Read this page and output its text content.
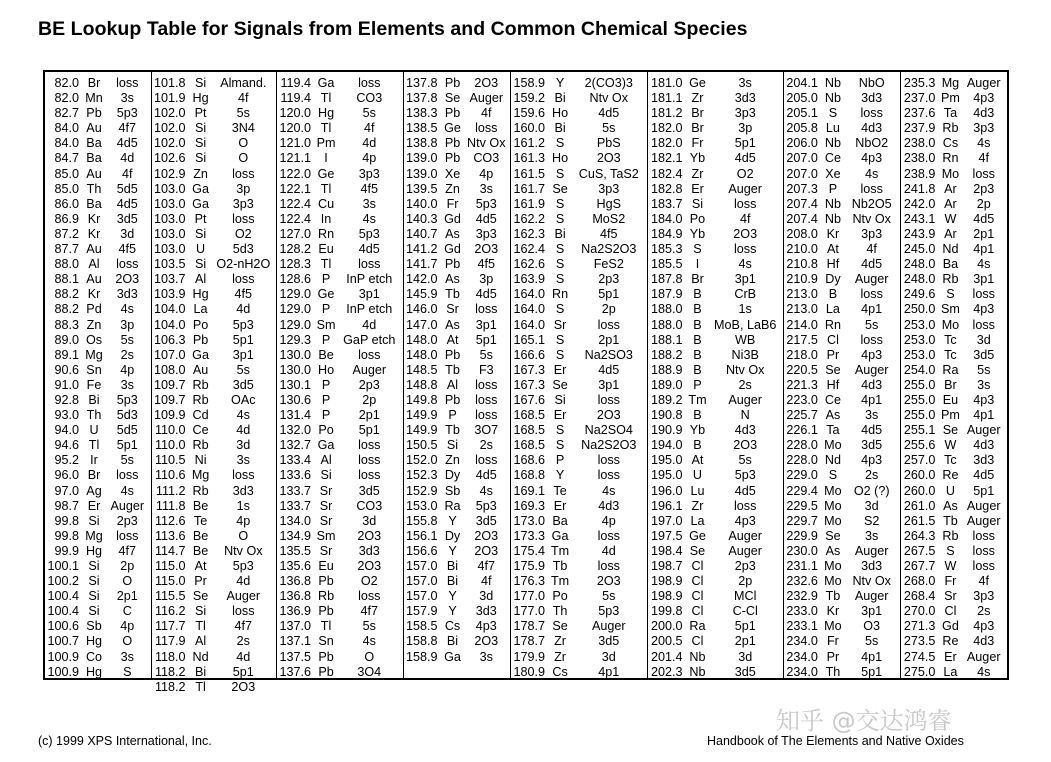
BE Lookup Table for Signals from Elements and Common Chemical Species
82.0 Br	loss
82.0 Mn	3s
82.7 Pb	5p3
84.0 Au	4f7
84.0 Ba	4d5
84.7 Ba	4d
85.0 Au	4f
85.0 Th	5d5
86.0 Ba	4d5
86.9 Kr	3d5
87.2 Kr	3d
87.7 Au	4f5
88.0 Al	loss
88.1 Au	2O3
88.2 Kr	3d3
88.2 Pd	4s
88.3 Zn	3p
89.0 Os	5s
89.1 Mg	2s
90.6 Sn	4p
91.0 Fe	3s
92.8 Bi	5p3
93.0 Th	5d3
94.0 U	5d5
94.6 Tl	5p1
95.2 Ir	5s
96.0 Br	loss
97.0 Ag	4s
98.7 Er Auger
99.8 Si	2p3
99.8 Mg	loss
99.9 Hg	4f7
100.1 Si	2p
100.2 Si	O
100.4 Si	2p1
100.4 Si	C
100.6 Sb	4p
100.7 Hg	O
100.9 Co	3s
100.9 Hg	S
101.8 Si	Almand.
101.9 Hg	4f
102.0 Pt	5s
102.0 Si	3N4
102.0 Si	O
102.6 Si	O
102.9 Zn	loss
103.0 Ga	3p
103.0 Ga	3p3
103.0 Pt	loss
103.0 Si	O2
103.0 U	5d3
103.5 Si O2-nH2O
103.7 Al	loss
103.9 Hg	4f5
104.0 La	4d
104.0 Po	5p3
106.3 Pb	5p1
107.0 Ga	3p1
108.0 Au	5s
109.7 Rb	3d5
109.7 Rb	OAc
109.9 Cd	4s
110.0 Ce	4d
110.0 Rb	3d
110.5 Ni	3s
110.6 Mg	loss
111.2 Rb	3d3
111.8 Be	1s
112.6 Te	4p
113.6 Be	O
114.7 Be	Ntv Ox
115.0 At	5p3
115.0 Pr	4d
115.5 Se	Auger
116.2 Si	loss
117.7 Tl	4f7
117.9 Al	2s
118.0 Nd	4d
118.2 Bi	5p1
118.2 Tl	2O3
119.4 Ga	loss
119.4 Tl	CO3
120.0 Hg	5s
120.0 Tl	4f
121.0 Pm	4d
121.1	I	4p
122.0 Ge	3p3
122.1 Tl	4f5
122.4 Cu	3s
122.4 In	4s
127.0 Rn	5p3
128.2 Eu	4d5
128.3 Tl	loss
128.6 P	InP etch
129.0 Ge	3p1
129.0 P	InP etch
129.0 Sm	4d
129.3 P	GaP etch
130.0 Be	loss
130.0 Ho	Auger
130.1 P	2p3
130.6 P	2p
131.4 P	2p1
132.0 Po	5p1
132.7 Ga	loss
133.4 Al	loss
133.6 Si	loss
133.7 Sr	3d5
133.7 Sr	CO3
134.0 Sr	3d
134.9 Sm	2O3
135.5 Sr	3d3
135.6 Eu	2O3
136.8 Pb	O2
136.8 Rb	loss
136.9 Pb	4f7
137.0 Tl	5s
137.1 Sn	4s
137.5 Pb	O
137.6 Pb	3O4
137.8 Pb	2O3
137.8 Se Auger
138.3 Pb	4f
138.5 Ge	loss
138.8 Pb Ntv Ox
139.0 Pb	CO3
139.0 Xe	4p
139.5 Zn	3s
140.0 Fr	5p3
140.3 Gd	4d5
140.7 As	3p3
141.2 Gd	2O3
141.7 Pb	4f5
142.0 As	3p
145.9 Tb	4d5
146.0 Sr	loss
147.0 As	3p1
148.0 At	5p1
148.0 Pb	5s
148.5 Tb	F3
148.8 Al	loss
149.8 Pb	loss
149.9 P	loss
149.9 Tb	3O7
150.5 Si	2s
152.0 Zn	loss
152.3 Dy	4d5
152.9 Sb	4s
153.0 Ra	5p3
155.8 Y	3d5
156.1 Dy	2O3
156.6 Y	2O3
157.0 Bi	4f7
157.0 Bi	4f
157.0 Y	3d
157.9 Y	3d3
158.5 Cs	4p3
158.8 Bi	2O3
158.9 Ga	3s
158.9 Y	2(CO3)3
159.2 Bi	Ntv Ox
159.6 Ho	4d5
160.0 Bi	5s
161.2 S	PbS
161.3 Ho	2O3
161.5 S	CuS, TaS2
161.7 Se	3p3
161.9 S	HgS
162.2 S	MoS2
162.3 Bi	4f5
162.4 S	Na2S2O3
162.6 S	FeS2
163.9 S	2p3
164.0 Rn	5p1
164.0 S	2p
164.0 Sr	loss
165.1 S	2p1
166.6 S	Na2SO3
167.3 Er	4d5
167.3 Se	3p1
167.6 Si	loss
168.5 Er	2O3
168.5 S	Na2SO4
168.5 S	Na2S2O3
168.6 P	loss
168.8 Y	loss
169.1 Te	4s
169.3 Er	4d3
173.0 Ba	4p
173.3 Ga	loss
175.4 Tm	4d
175.9 Tb	loss
176.3 Tm	2O3
177.0 Po	5s
177.0 Th	5p3
178.7 Se	Auger
178.7 Zr	3d5
179.9 Zr	3d
180.9 Cs	4p1
181.0 Ge	3s
181.1 Zr	3d3
181.2 Br	3p3
182.0 Br	3p
182.0 Fr	5p1
182.1 Yb	4d5
182.4 Zr	O2
182.8 Er	Auger
183.7 Si	loss
184.0 Po	4f
184.9 Yb	2O3
185.3 S	loss
185.5	I	4s
187.8 Br	3p1
187.9 B	CrB
188.0 B	1s
188.0 B MoB, LaB6
188.1 B	WB
188.2 B	Ni3B
188.9 B	Ntv Ox
189.0 P	2s
189.2 Tm	Auger
190.8 B	N
190.9 Yb	4d3
194.0 B	2O3
195.0 At	5s
195.0 U	5p3
196.0 Lu	4d5
196.1 Zr	loss
197.0 La	4p3
197.5 Ge	Auger
198.4 Se	Auger
198.7 Cl	2p3
198.9 Cl	2p
198.9 Cl	MCl
199.8 Cl	C-Cl
200.0 Ra	5p1
200.5 Cl	2p1
201.4 Nb	3d
202.3 Nb	3d5
204.1 Nb	NbO
205.0 Nb	3d3
205.1 S	loss
205.8 Lu	4d3
206.0 Nb	NbO2
207.0 Ce	4p3
207.0 Xe	4s
207.3 P	loss
207.4 Nb Nb2O5
207.4 Nb Ntv Ox
208.0 Kr	3p3
210.0 At	4f
210.8 Hf	4d5
210.9 Dy	Auger
213.0 B	loss
213.0 La	4p1
214.0 Rn	5s
217.5 Cl	loss
218.0 Pr	4p3
220.5 Se	Auger
221.3 Hf	4d3
223.0 Ce	4p1
225.7 As	3s
226.1 Ta	4d5
228.0 Mo	3d5
228.0 Nd	4p3
229.0 S	2s
229.4 Mo O2 (?)
229.5 Mo	3d
229.7 Mo	S2
229.9 Se	3s
230.0 As	Auger
231.1 Mo	3d3
232.6 Mo Ntv Ox
232.9 Tb	Auger
233.0 Kr	3p1
233.1 Mo	O3
234.0 Fr	5s
234.0 Pr	4p1
234.0 Th	5p1
235.3 Mg Auger
237.0 Pm	4p3
237.6 Ta	4d3
237.9 Rb	3p3
238.0 Cs	4s
238.0 Rn	4f
238.9 Mo	loss
241.8 Ar	2p3
242.0 Ar	2p
243.1 W	4d5
243.9 Ar	2p1
245.0 Nd	4p1
248.0 Ba	4s
248.0 Rb	3p1
249.6 S	loss
250.0 Sm	4p3
253.0 Mo	loss
253.0 Tc	3d
253.0 Tc	3d5
254.0 Ra	5s
255.0 Br	3s
255.0 Eu	4p3
255.0 Pm	4p1
255.1 Se Auger
255.6 W	4d3
257.0 Tc	3d3
260.0 Re	4d5
260.0 U	5p1
261.0 As Auger
261.5 Tb Auger
264.3 Rb	loss
267.5 S	loss
267.7 W	loss
268.0 Fr	4f
268.4 Sr	3p3
270.0 Cl	2s
271.3 Gd	4p3
273.5 Re	4d3
274.5 Er Auger
275.0 La	4s
知乎 @交达鸿睿
(c) 1999 XPS International, Inc.	Handbook of The Elements and Native Oxides
